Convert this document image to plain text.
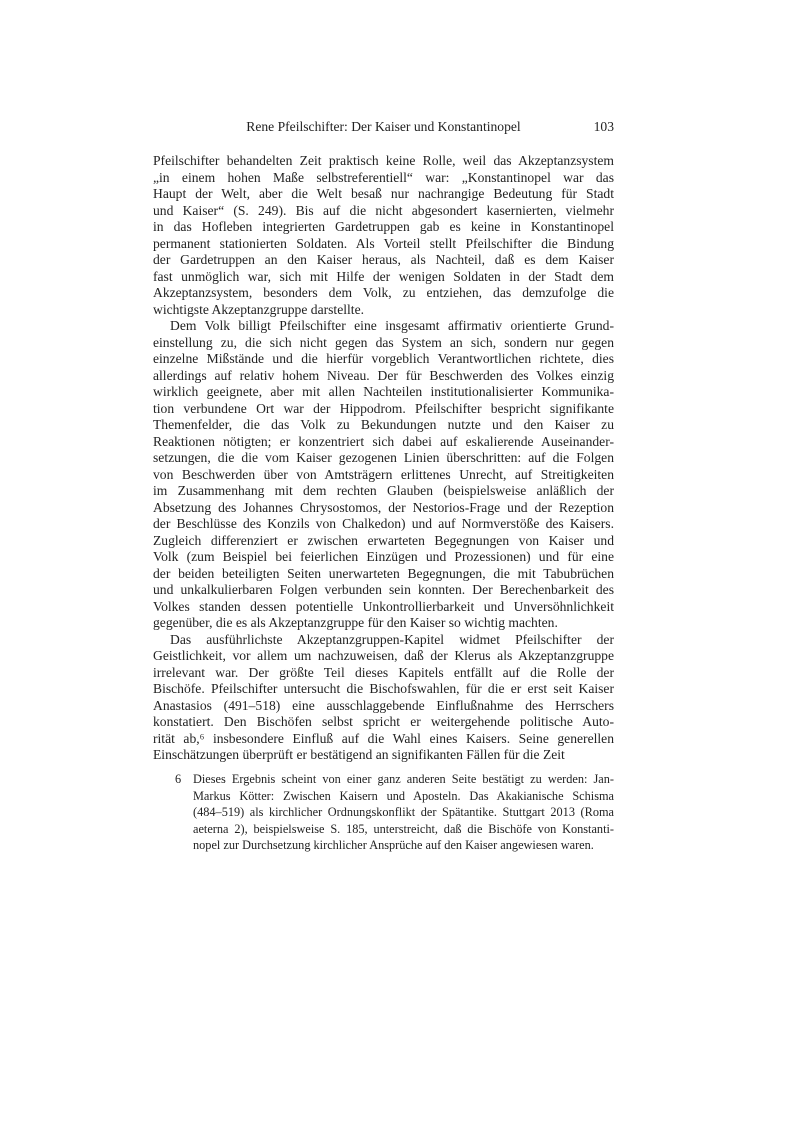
Rene Pfeilschifter: Der Kaiser und Konstantinopel	103
Pfeilschifter behandelten Zeit praktisch keine Rolle, weil das Akzeptanzsystem
„in einem hohen Maße selbstreferentiell“ war: „Konstantinopel war das
Haupt der Welt, aber die Welt besaß nur nachrangige Bedeutung für Stadt
und Kaiser“ (S. 249). Bis auf die nicht abgesondert kasernierten, vielmehr
in das Hofleben integrierten Gardetruppen gab es keine in Konstantinopel
permanent stationierten Soldaten. Als Vorteil stellt Pfeilschifter die Bindung
der Gardetruppen an den Kaiser heraus, als Nachteil, daß es dem Kaiser
fast unmöglich war, sich mit Hilfe der wenigen Soldaten in der Stadt dem
Akzeptanzsystem, besonders dem Volk, zu entziehen, das demzufolge die
wichtigste Akzeptanzgruppe darstellte.
Dem Volk billigt Pfeilschifter eine insgesamt affirmativ orientierte Grund-
einstellung zu, die sich nicht gegen das System an sich, sondern nur gegen
einzelne Mißstände und die hierfür vorgeblich Verantwortlichen richtete, dies
allerdings auf relativ hohem Niveau. Der für Beschwerden des Volkes einzig
wirklich geeignete, aber mit allen Nachteilen institutionalisierter Kommunika-
tion verbundene Ort war der Hippodrom. Pfeilschifter bespricht signifikante
Themenfelder, die das Volk zu Bekundungen nutzte und den Kaiser zu
Reaktionen nötigten; er konzentriert sich dabei auf eskalierende Auseinander-
setzungen, die die vom Kaiser gezogenen Linien überschritten: auf die Folgen
von Beschwerden über von Amtsträgern erlittenes Unrecht, auf Streitigkeiten
im Zusammenhang mit dem rechten Glauben (beispielsweise anläßlich der
Absetzung des Johannes Chrysostomos, der Nestorios-Frage und der Rezeption
der Beschlüsse des Konzils von Chalkedon) und auf Normverstöße des Kaisers.
Zugleich differenziert er zwischen erwarteten Begegnungen von Kaiser und
Volk (zum Beispiel bei feierlichen Einzügen und Prozessionen) und für eine
der beiden beteiligten Seiten unerwarteten Begegnungen, die mit Tabubrüchen
und unkalkulierbaren Folgen verbunden sein konnten. Der Berechenbarkeit des
Volkes standen dessen potentielle Unkontrollierbarkeit und Unversöhnlichkeit
gegenüber, die es als Akzeptanzgruppe für den Kaiser so wichtig machten.
Das ausführlichste Akzeptanzgruppen-Kapitel widmet Pfeilschifter der
Geistlichkeit, vor allem um nachzuweisen, daß der Klerus als Akzeptanzgruppe
irrelevant war. Der größte Teil dieses Kapitels entfällt auf die Rolle der
Bischöfe. Pfeilschifter untersucht die Bischofswahlen, für die er erst seit Kaiser
Anastasios (491–518) eine ausschlaggebende Einflußnahme des Herrschers
konstatiert. Den Bischöfen selbst spricht er weitergehende politische Auto-
rität ab,⁶ insbesondere Einfluß auf die Wahl eines Kaisers. Seine generellen
Einschätzungen überprüft er bestätigend an signifikanten Fällen für die Zeit
6 Dieses Ergebnis scheint von einer ganz anderen Seite bestätigt zu werden: Jan-
Markus Kötter: Zwischen Kaisern und Aposteln. Das Akakianische Schisma
(484–519) als kirchlicher Ordnungskonflikt der Spätantike. Stuttgart 2013 (Roma
aeterna 2), beispielsweise S. 185, unterstreicht, daß die Bischöfe von Konstanti-
nopel zur Durchsetzung kirchlicher Ansprüche auf den Kaiser angewiesen waren.
